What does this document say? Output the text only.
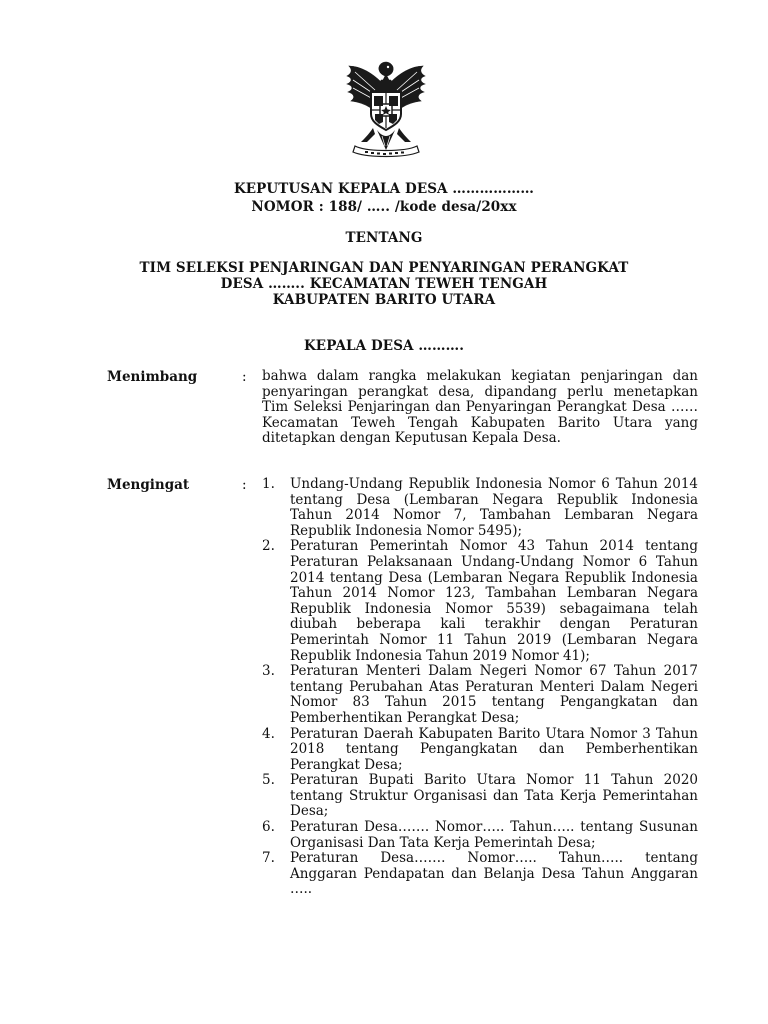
KEPUTUSAN KEPALA DESA ………………
NOMOR : 188/ ….. /kode desa/20xx
TENTANG
TIM SELEKSI PENJARINGAN DAN PENYARINGAN PERANGKAT
DESA …….. KECAMATAN TEWEH TENGAH
KABUPATEN BARITO UTARA
KEPALA DESA ……….
Menimbang	: bahwa dalam rangka melakukan kegiatan penjaringan dan penyaringan perangkat desa, dipandang perlu menetapkan Tim Seleksi Penjaringan dan Penyaringan Perangkat Desa …… Kecamatan Teweh Tengah Kabupaten Barito Utara yang ditetapkan dengan Keputusan Kepala Desa.
Mengingat	: 1. Undang-Undang Republik Indonesia Nomor 6 Tahun 2014 tentang Desa (Lembaran Negara Republik Indonesia Tahun 2014 Nomor 7, Tambahan Lembaran Negara Republik Indonesia Nomor 5495);
2. Peraturan Pemerintah Nomor 43 Tahun 2014 tentang Peraturan Pelaksanaan Undang-Undang Nomor 6 Tahun 2014 tentang Desa (Lembaran Negara Republik Indonesia Tahun 2014 Nomor 123, Tambahan Lembaran Negara Republik Indonesia Nomor 5539) sebagaimana telah diubah beberapa kali terakhir dengan Peraturan Pemerintah Nomor 11 Tahun 2019 (Lembaran Negara Republik Indonesia Tahun 2019 Nomor 41);
3. Peraturan Menteri Dalam Negeri Nomor 67 Tahun 2017 tentang Perubahan Atas Peraturan Menteri Dalam Negeri Nomor 83 Tahun 2015 tentang Pengangkatan dan Pemberhentikan Perangkat Desa;
4. Peraturan Daerah Kabupaten Barito Utara Nomor 3 Tahun 2018 tentang Pengangkatan dan Pemberhentikan Perangkat Desa;
5. Peraturan Bupati Barito Utara Nomor 11 Tahun 2020 tentang Struktur Organisasi dan Tata Kerja Pemerintahan Desa;
6. Peraturan Desa……. Nomor….. Tahun….. tentang Susunan Organisasi Dan Tata Kerja Pemerintah Desa;
7. Peraturan Desa……. Nomor….. Tahun….. tentang Anggaran Pendapatan dan Belanja Desa Tahun Anggaran …..
